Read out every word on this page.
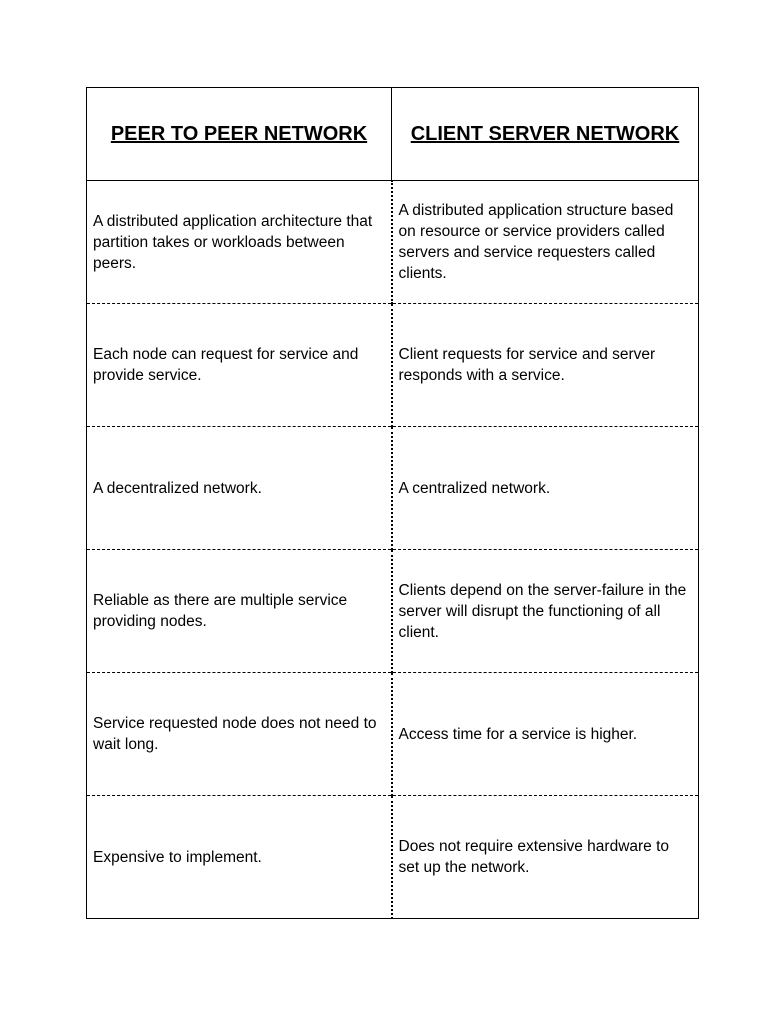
PEER TO PEER NETWORK	CLIENT SERVER NETWORK
A distributed application architecture that partition takes or workloads between peers.	A distributed application structure based on resource or service providers called servers and service requesters called clients.
Each node can request for service and provide service.	Client requests for service and server responds with a service.
A decentralized network.	A centralized network.
Reliable as there are multiple service providing nodes.	Clients depend on the server-failure in the server will disrupt the functioning of all client.
Service requested node does not need to wait long.	Access time for a service is higher.
Expensive to implement.	Does not require extensive hardware to set up the network.
